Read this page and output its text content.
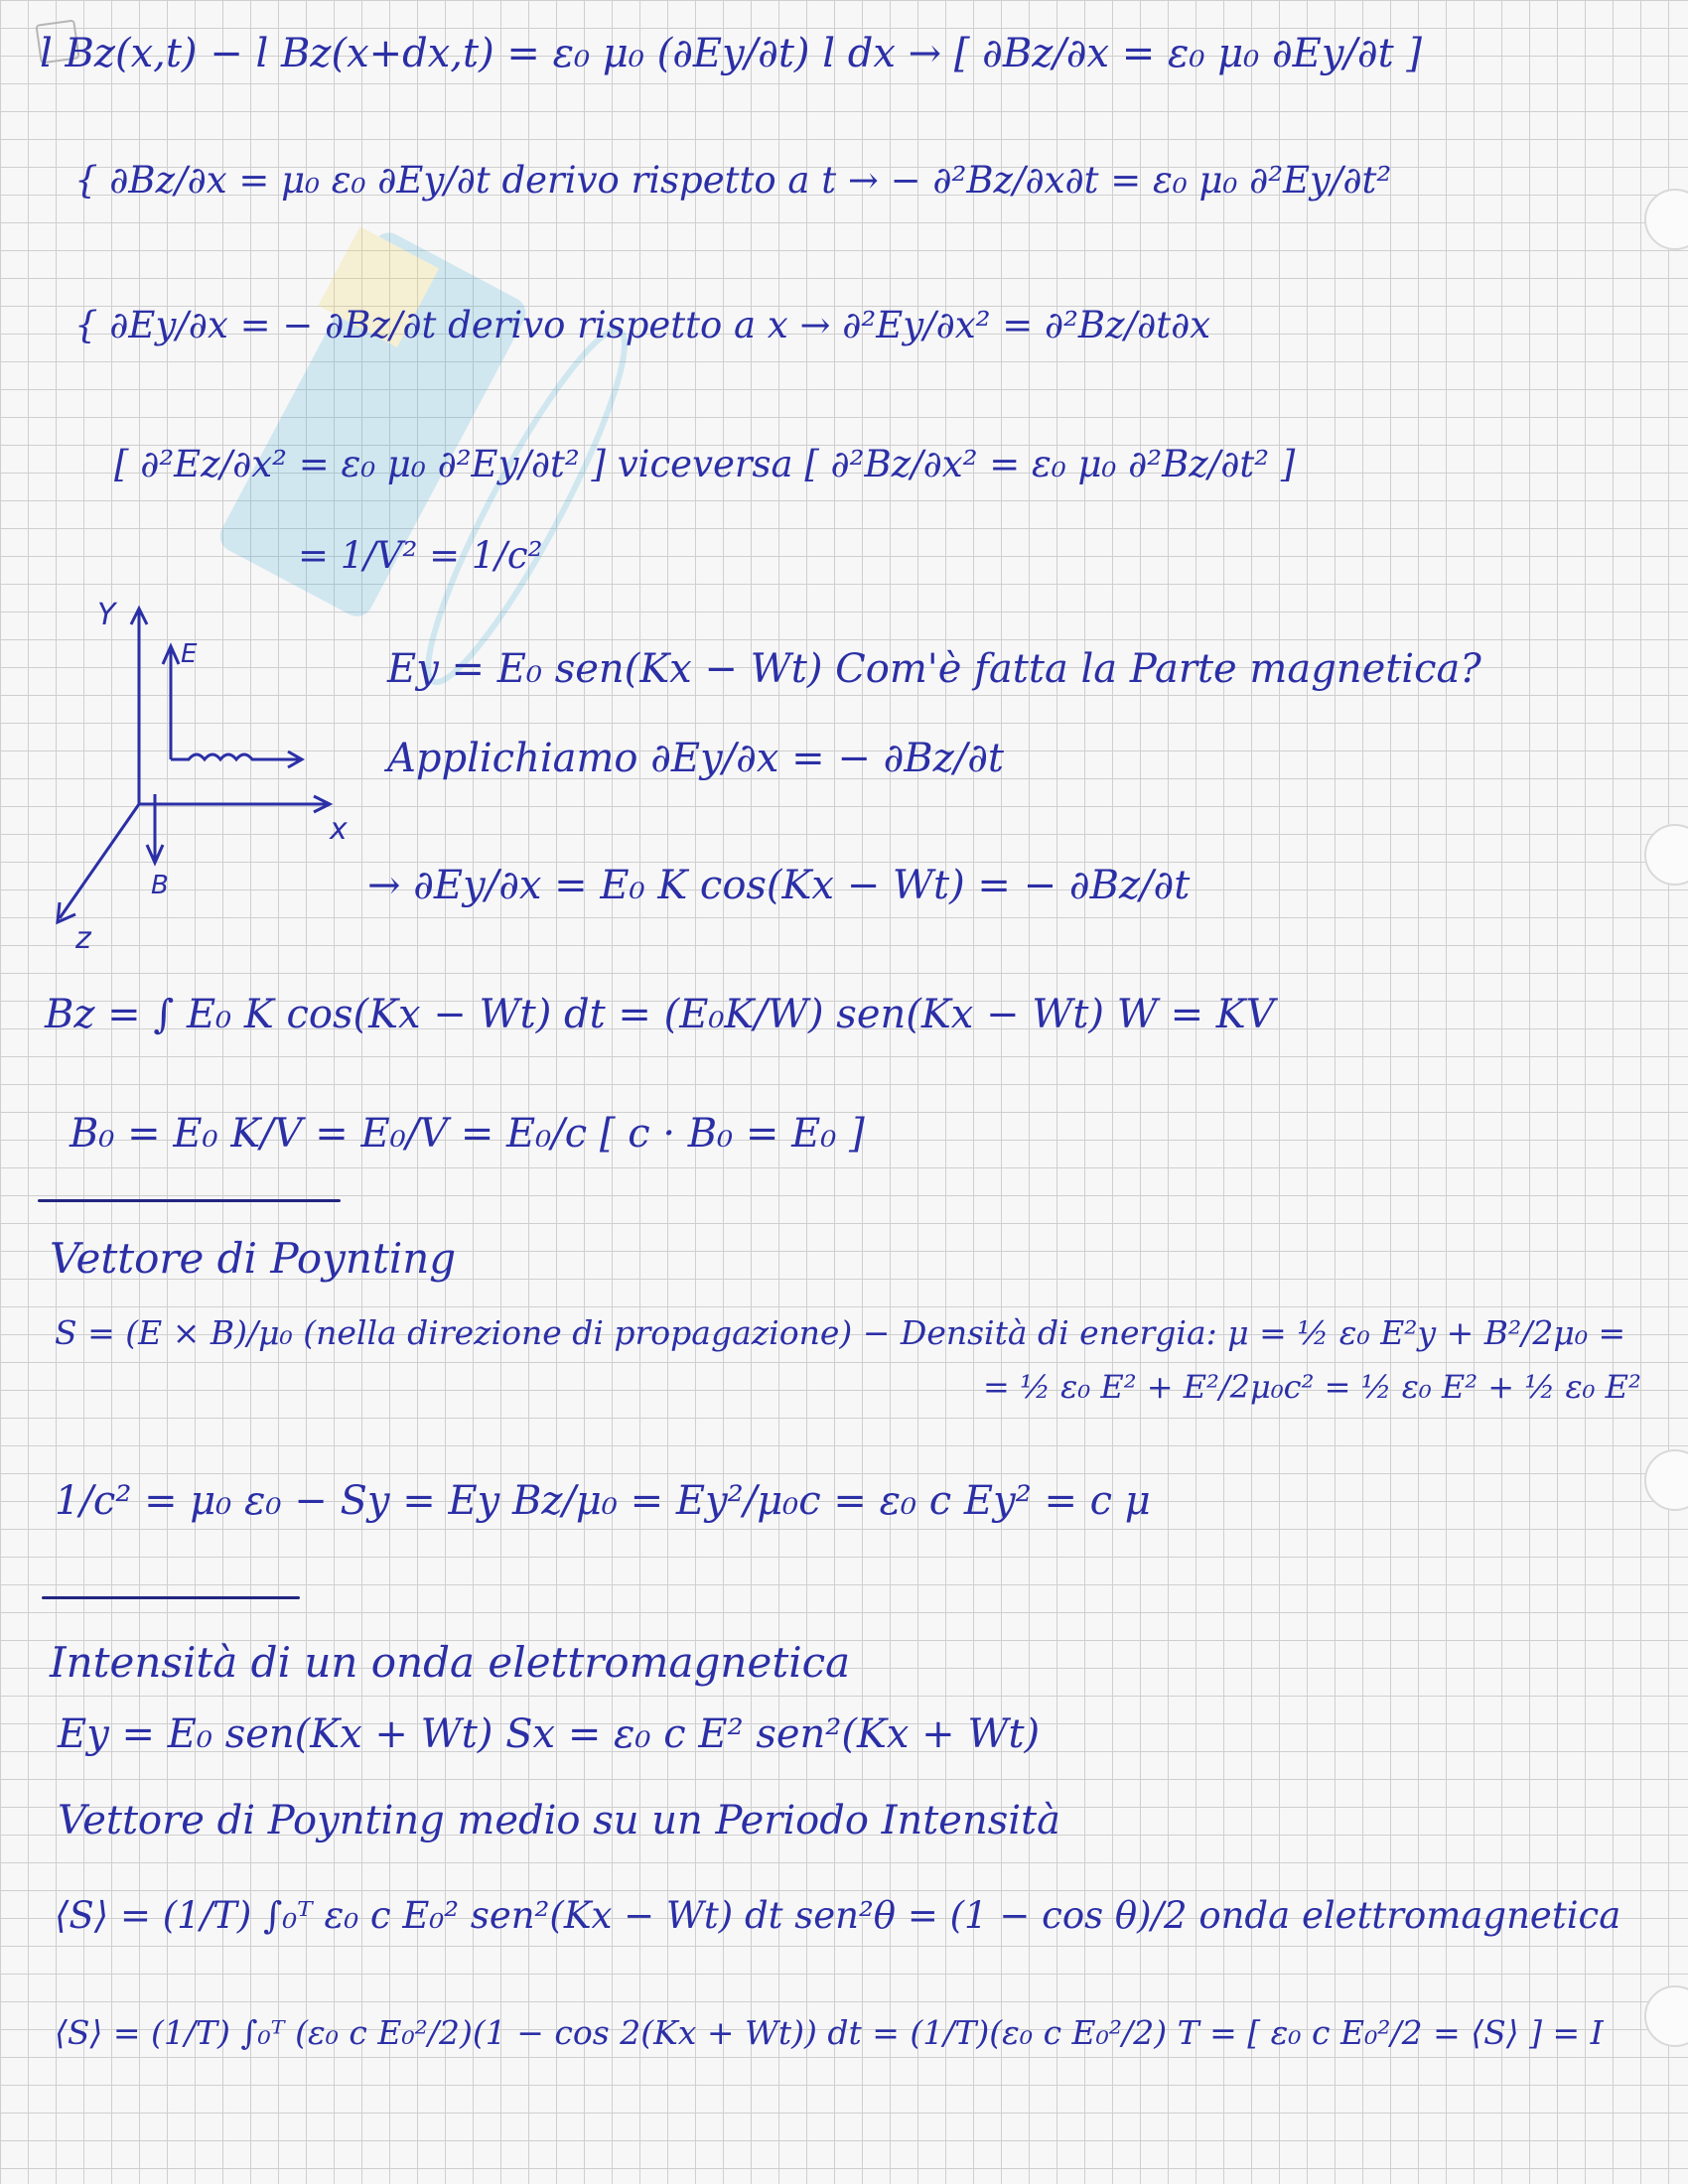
l Bz(x,t) − l Bz(x+dx,t) = ε₀ μ₀ (∂Ey/∂t) l dx → [ ∂Bz/∂x = ε₀ μ₀ ∂Ey/∂t ]
{ ∂Bz/∂x = μ₀ ε₀ ∂Ey/∂t derivo rispetto a t → − ∂²Bz/∂x∂t = ε₀ μ₀ ∂²Ey/∂t²
{ ∂Ey/∂x = − ∂Bz/∂t derivo rispetto a x → ∂²Ey/∂x² = ∂²Bz/∂t∂x
[ ∂²Ez/∂x² = ε₀ μ₀ ∂²Ey/∂t² ] viceversa [ ∂²Bz/∂x² = ε₀ μ₀ ∂²Bz/∂t² ]
= 1/V² = 1/c²
Y
x
z
E
B
Ey = E₀ sen(Kx − Wt) Com'è fatta la Parte magnetica?
Applichiamo ∂Ey/∂x = − ∂Bz/∂t
→ ∂Ey/∂x = E₀ K cos(Kx − Wt) = − ∂Bz/∂t
Bz = ∫ E₀ K cos(Kx − Wt) dt = (E₀K/W) sen(Kx − Wt) W = KV
B₀ = E₀ K/V = E₀/V = E₀/c [ c · B₀ = E₀ ]
Vettore di Poynting
S = (E × B)/μ₀ (nella direzione di propagazione) − Densità di energia: μ = ½ ε₀ E²y + B²/2μ₀ =
= ½ ε₀ E² + E²/2μ₀c² = ½ ε₀ E² + ½ ε₀ E²
1/c² = μ₀ ε₀ − Sy = Ey Bz/μ₀ = Ey²/μ₀c = ε₀ c Ey² = c μ
Intensità di un onda elettromagnetica
Ey = E₀ sen(Kx + Wt) Sx = ε₀ c E² sen²(Kx + Wt)
Vettore di Poynting medio su un Periodo Intensità
⟨S⟩ = (1/T) ∫₀ᵀ ε₀ c E₀² sen²(Kx − Wt) dt sen²θ = (1 − cos θ)/2 onda elettromagnetica
⟨S⟩ = (1/T) ∫₀ᵀ (ε₀ c E₀²/2)(1 − cos 2(Kx + Wt)) dt = (1/T)(ε₀ c E₀²/2) T = [ ε₀ c E₀²/2 = ⟨S⟩ ] = I
